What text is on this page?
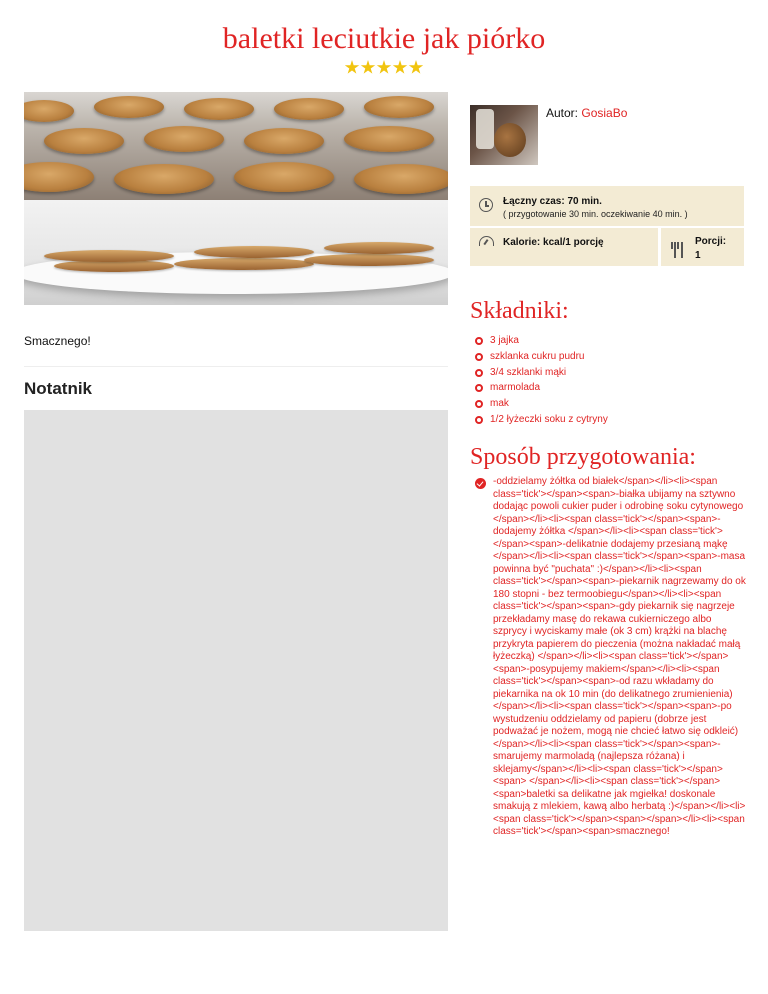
baletki leciutkie jak piórko
Smacznego!
Notatnik
Autor: GosiaBo
Łączny czas: 70 min.
( przygotowanie 30 min. oczekiwanie 40 min. )
Kalorie: kcal/1 porcję	Porcji:
1
Składniki:
3 jajka
szklanka cukru pudru
3/4 szklanki mąki
marmolada
mak
1/2 łyżeczki soku z cytryny
Sposób przygotowania:
-oddzielamy żółtka od białek</span></li><li><span class='tick'></span><span>-białka ubijamy na sztywno dodając powoli cukier puder i odrobinę soku cytynowego </span></li><li><span class='tick'></span><span>-dodajemy żółtka </span></li><li><span class='tick'></span><span>-delikatnie dodajemy przesianą mąkę </span></li><li><span class='tick'></span><span>-masa powinna być "puchata" :)</span></li><li><span class='tick'></span><span>-piekarnik nagrzewamy do ok 180 stopni - bez termoobiegu</span></li><li><span class='tick'></span><span>-gdy piekarnik się nagrzeje przekładamy masę do rekawa cukierniczego albo szprycy i wyciskamy małe (ok 3 cm) krążki na blachę przykryta papierem do pieczenia (można nakładać małą łyżeczką) </span></li><li><span class='tick'></span><span>-posypujemy makiem</span></li><li><span class='tick'></span><span>-od razu wkładamy do piekarnika na ok 10 min (do delikatnego zrumienienia)</span></li><li><span class='tick'></span><span>-po wystudzeniu oddzielamy od papieru (dobrze jest podważać je nożem, mogą nie chcieć łatwo się odkleić)</span></li><li><span class='tick'></span><span>-smarujemy marmoladą (najlepsza różana) i sklejamy</span></li><li><span class='tick'></span><span> </span></li><li><span class='tick'></span><span>baletki sa delikatne jak mgiełka! doskonale smakują z mlekiem, kawą albo herbatą :)</span></li><li><span class='tick'></span><span></span></li><li><span class='tick'></span><span>smacznego!
